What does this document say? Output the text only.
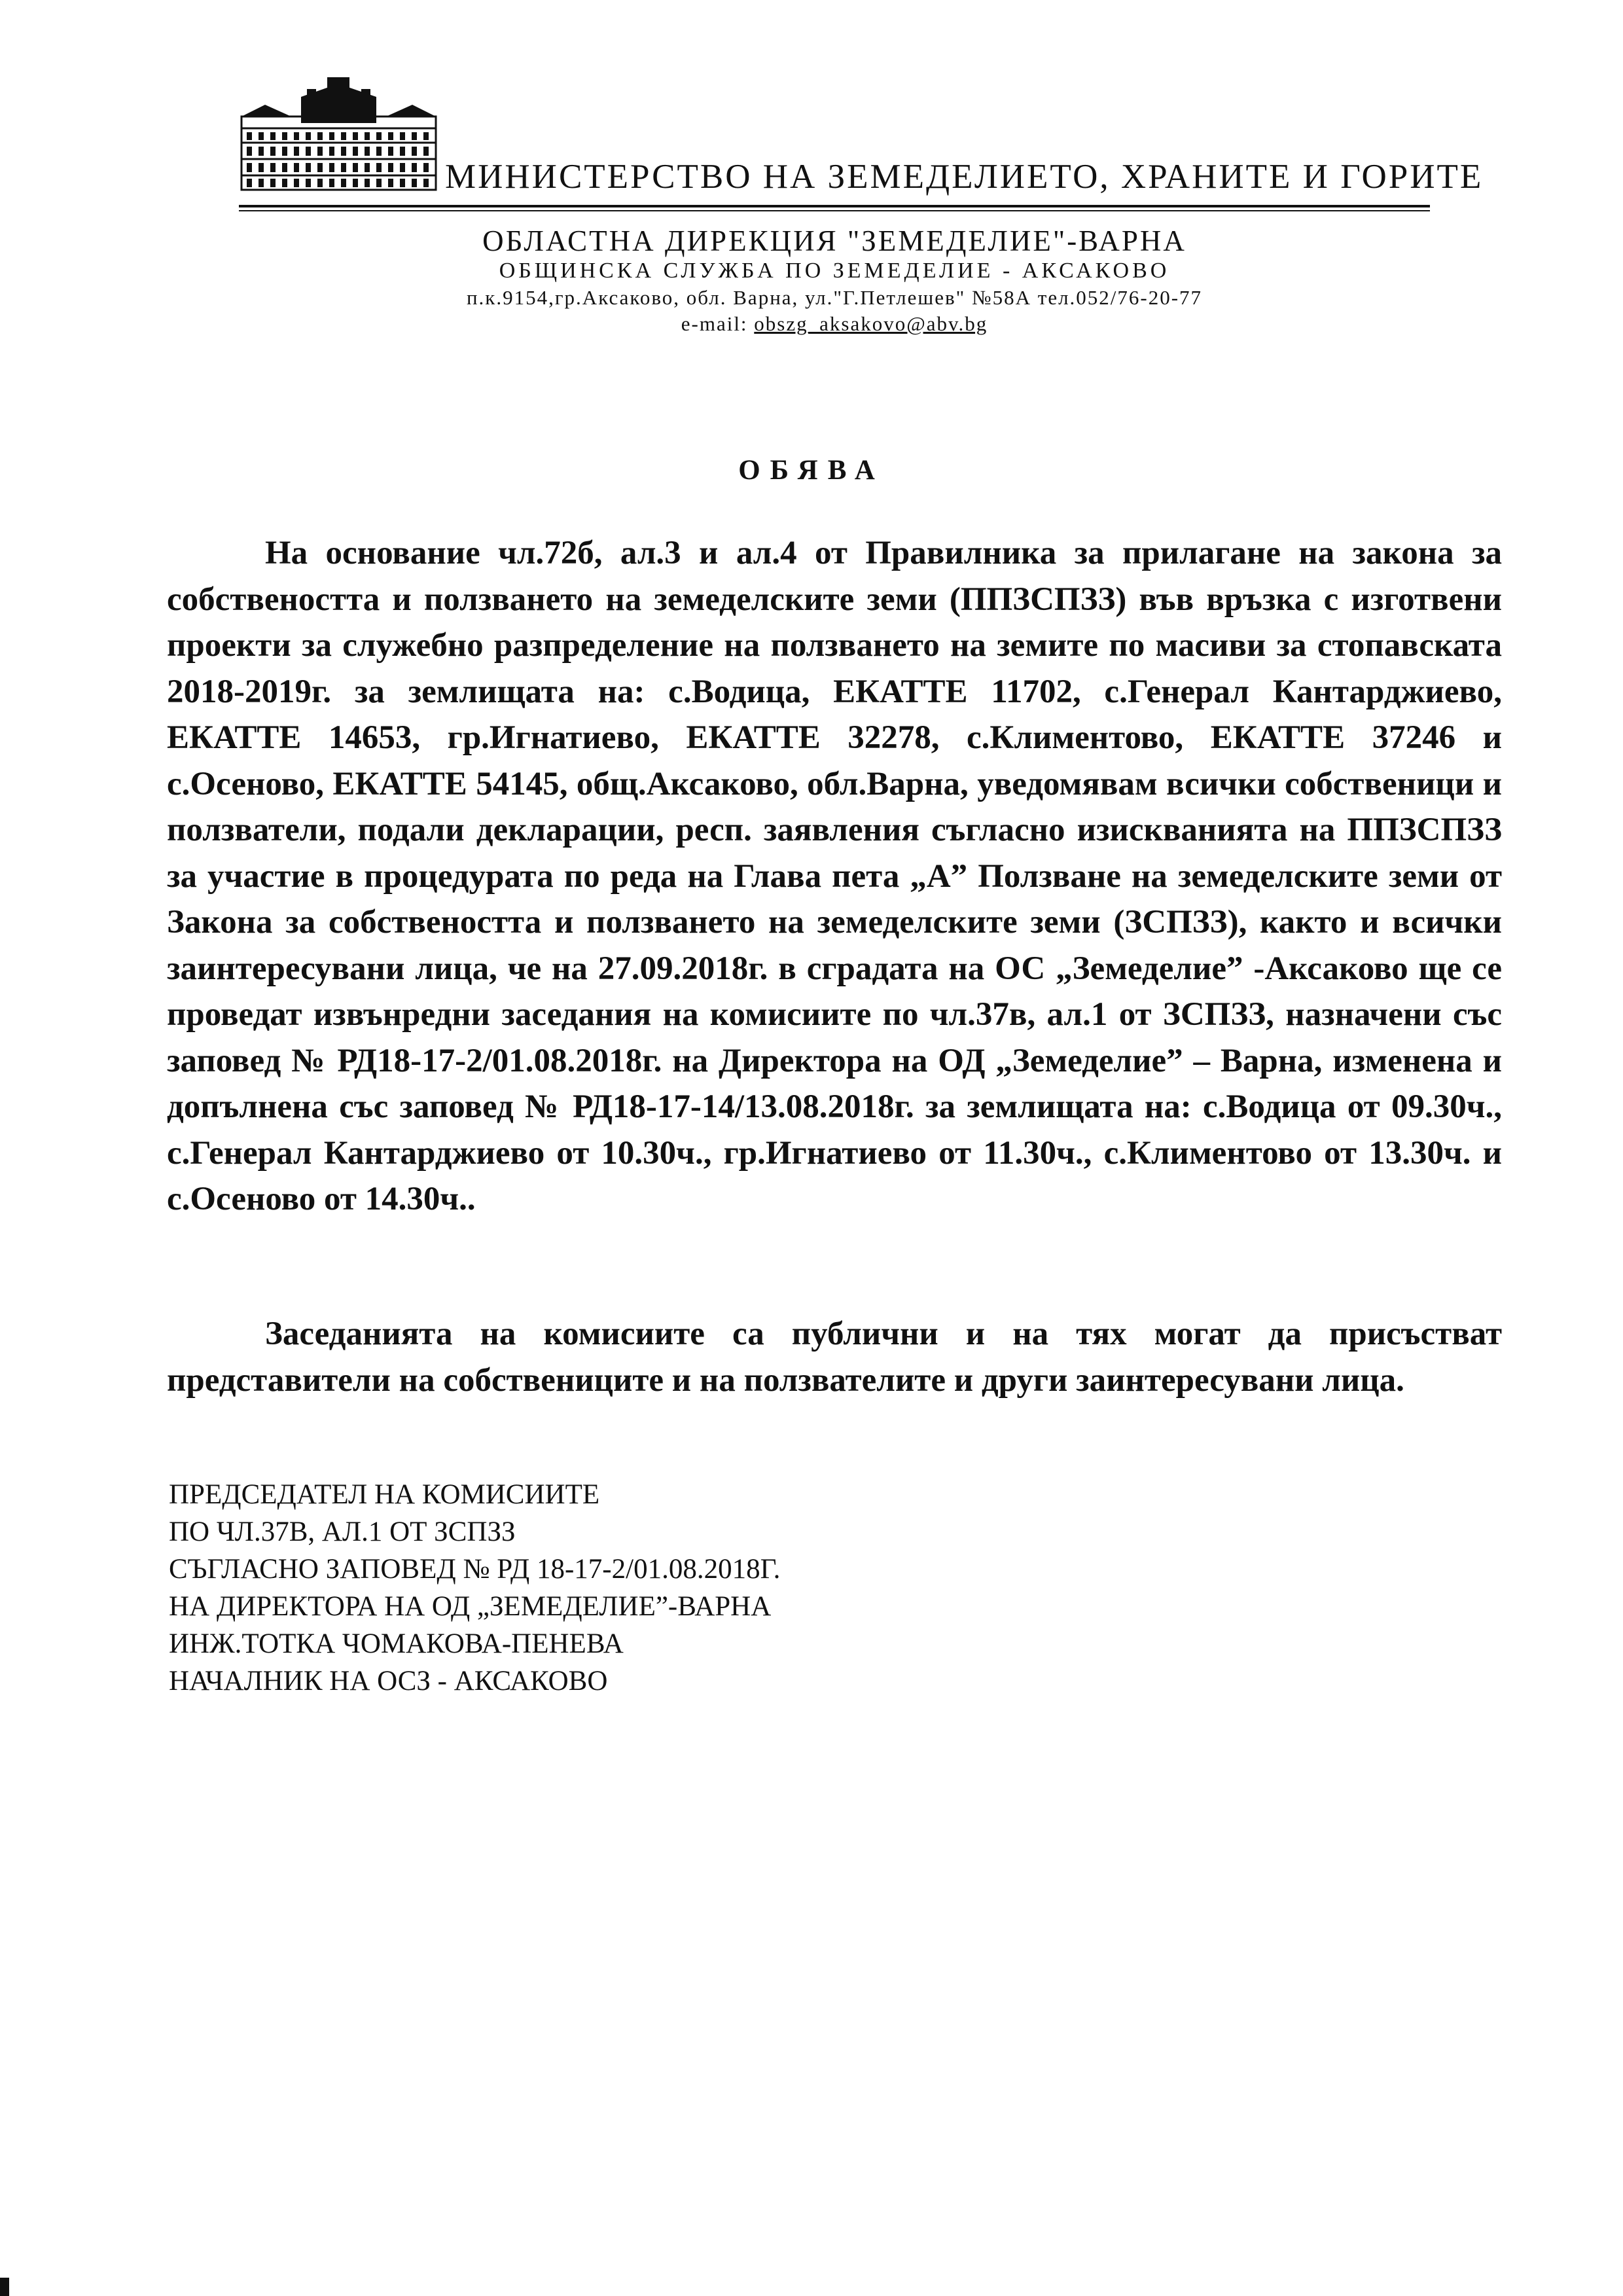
МИНИСТЕРСТВО НА ЗЕМЕДЕЛИЕТО, ХРАНИТЕ И ГОРИТЕ
ОБЛАСТНА ДИРЕКЦИЯ "ЗЕМЕДЕЛИЕ"-ВАРНА
ОБЩИНСКА СЛУЖБА ПО ЗЕМЕДЕЛИЕ - АКСАКОВО
п.к.9154,гр.Аксаково, обл. Варна, ул."Г.Петлешев" №58А тел.052/76-20-77
e-mail: obszg_aksakovo@abv.bg
ОБЯВА
На основание чл.72б, ал.3 и ал.4 от Правилника за прилагане на закона за собствеността и ползването на земеделските земи (ППЗСПЗЗ) във връзка с изготвени проекти за служебно разпределение на ползването на земите по масиви за стопавската 2018-2019г. за землищата на: с.Водица, ЕКАТТЕ 11702, с.Генерал Кантарджиево, ЕКАТТЕ 14653, гр.Игнатиево, ЕКАТТЕ 32278, с.Климентово, ЕКАТТЕ 37246 и с.Осеново, ЕКАТТЕ 54145, общ.Аксаково, обл.Варна, уведомявам всички собственици и ползватели, подали декларации, респ. заявления съгласно изискванията на ППЗСПЗЗ за участие в процедурата по реда на Глава пета „А” Ползване на земеделските земи от Закона за собствеността и ползването на земеделските земи (ЗСПЗЗ), както и всички заинтересувани лица, че на 27.09.2018г. в сградата на ОС „Земеделие” -Аксаково ще се проведат извънредни заседания на комисиите по чл.37в, ал.1 от ЗСПЗЗ, назначени със заповед № РД18-17-2/01.08.2018г. на Директора на ОД „Земеделие” – Варна, изменена и допълнена със заповед № РД18-17-14/13.08.2018г. за землищата на: с.Водица от 09.30ч., с.Генерал Кантарджиево от 10.30ч., гр.Игнатиево от 11.30ч., с.Климентово от 13.30ч. и с.Осеново от 14.30ч..
Заседанията на комисиите са публични и на тях могат да присъстват представители на собствениците и на ползвателите и други заинтересувани лица.
ПРЕДСЕДАТЕЛ НА КОМИСИИТЕ
ПО ЧЛ.37В, АЛ.1 ОТ ЗСПЗЗ
СЪГЛАСНО ЗАПОВЕД № РД 18-17-2/01.08.2018Г.
НА ДИРЕКТОРА НА ОД „ЗЕМЕДЕЛИЕ”-ВАРНА
ИНЖ.ТОТКА ЧОМАКОВА-ПЕНЕВА
НАЧАЛНИК НА ОСЗ - АКСАКОВО
